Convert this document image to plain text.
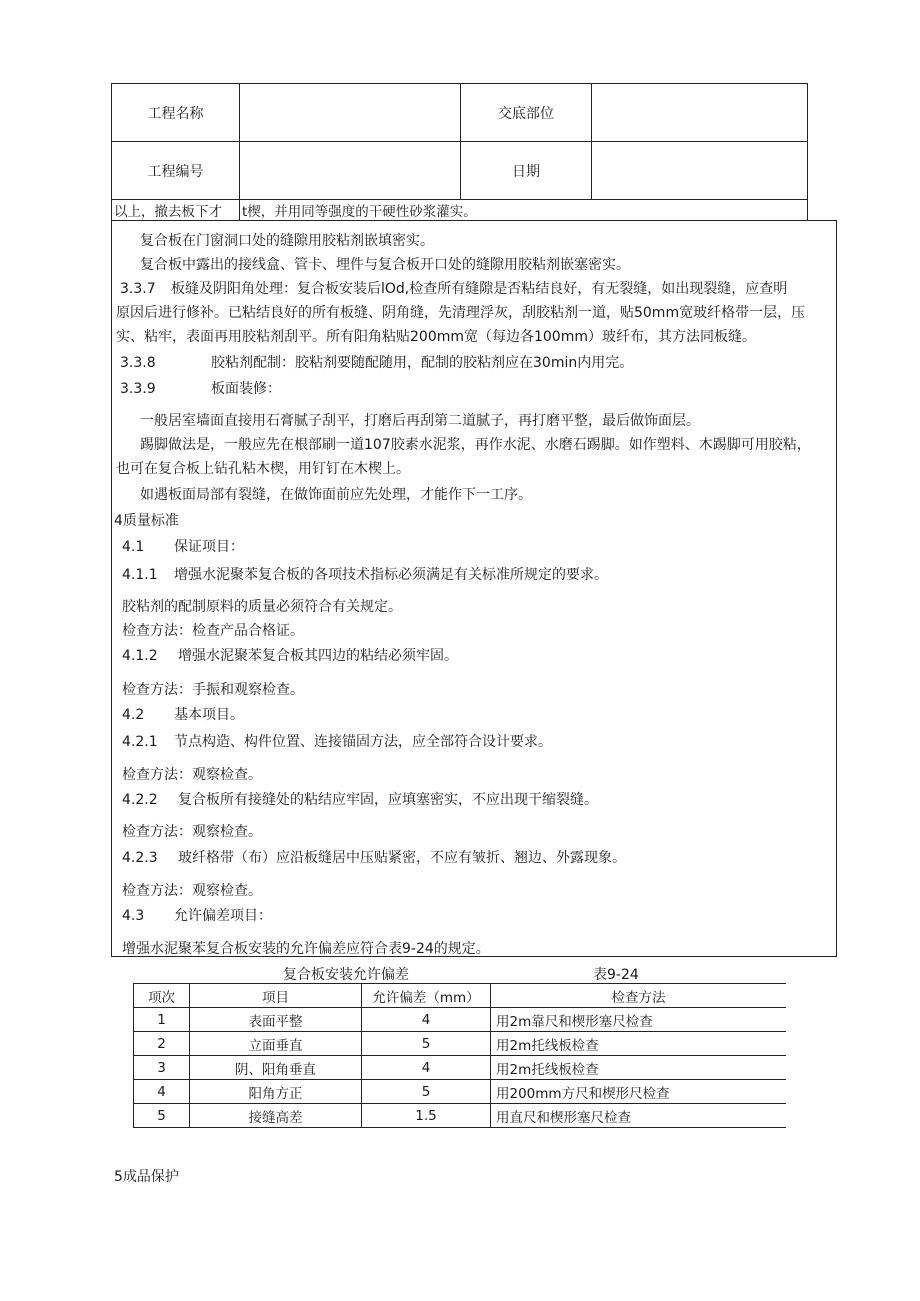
工程名称		交底部位	
工程编号		日期	
以上，撤去板下才	t楔，并用同等强度的干硬性砂浆灌实。		
复合板在门窗洞口处的缝隙用胶粘剂嵌填密实。
复合板中露出的接线盒、管卡、埋件与复合板开口处的缝隙用胶粘剂嵌塞密实。
3.3.7 板缝及阴阳角处理：复合板安装后lOd,检查所有缝隙是否粘结良好，有无裂缝，如出现裂缝，应查明
原因后进行修补。已粘结良好的所有板缝、阴角缝，先清理浮灰，刮胶粘剂一道，贴50mm宽玻纤格带一层，压
实、粘牢，表面再用胶粘剂刮平。所有阳角粘贴200mm宽（每边各100mm）玻纤布，其方法同板缝。
3.3.8	胶粘剂配制：胶粘剂要随配随用，配制的胶粘剂应在30min内用完。
3.3.9	板面装修：
一般居室墙面直接用石膏腻子刮平，打磨后再刮第二道腻子，再打磨平整，最后做饰面层。
踢脚做法是，一般应先在根部刷一道107胶素水泥浆，再作水泥、水磨石踢脚。如作塑料、木踢脚可用胶粘，
也可在复合板上钻孔粘木楔，用钉钉在木楔上。
如遇板面局部有裂缝，在做饰面前应先处理，才能作下一工序。
4质量标准
4.1 保证项目：
4.1.1 增强水泥聚苯复合板的各项技术指标必须满足有关标准所规定的要求。
胶粘剂的配制原料的质量必须符合有关规定。
检查方法：检查产品合格证。
4.1.2 增强水泥聚苯复合板其四边的粘结必须牢固。
检查方法：手振和观察检查。
4.2 基本项目。
4.2.1 节点构造、构件位置、连接锚固方法，应全部符合设计要求。
检查方法：观察检查。
4.2.2 复合板所有接缝处的粘结应牢固，应填塞密实，不应出现干缩裂缝。
检查方法：观察检查。
4.2.3 玻纤格带（布）应沿板缝居中压贴紧密，不应有皱折、翘边、外露现象。
检查方法：观察检查。
4.3 允许偏差项目：
增强水泥聚苯复合板安装的允许偏差应符合表9-24的规定。
复合板安装允许偏差	表9-24
项次	项目	允许偏差（mm）	检查方法
1	表面平整	4	用2m靠尺和楔形塞尺检查
2	立面垂直	5	用2m托线板检查
3	阴、阳角垂直	4	用2m托线板检查
4	阳角方正	5	用200mm方尺和楔形尺检查
5	接缝高差	1.5	用直尺和楔形塞尺检查
5成品保护
